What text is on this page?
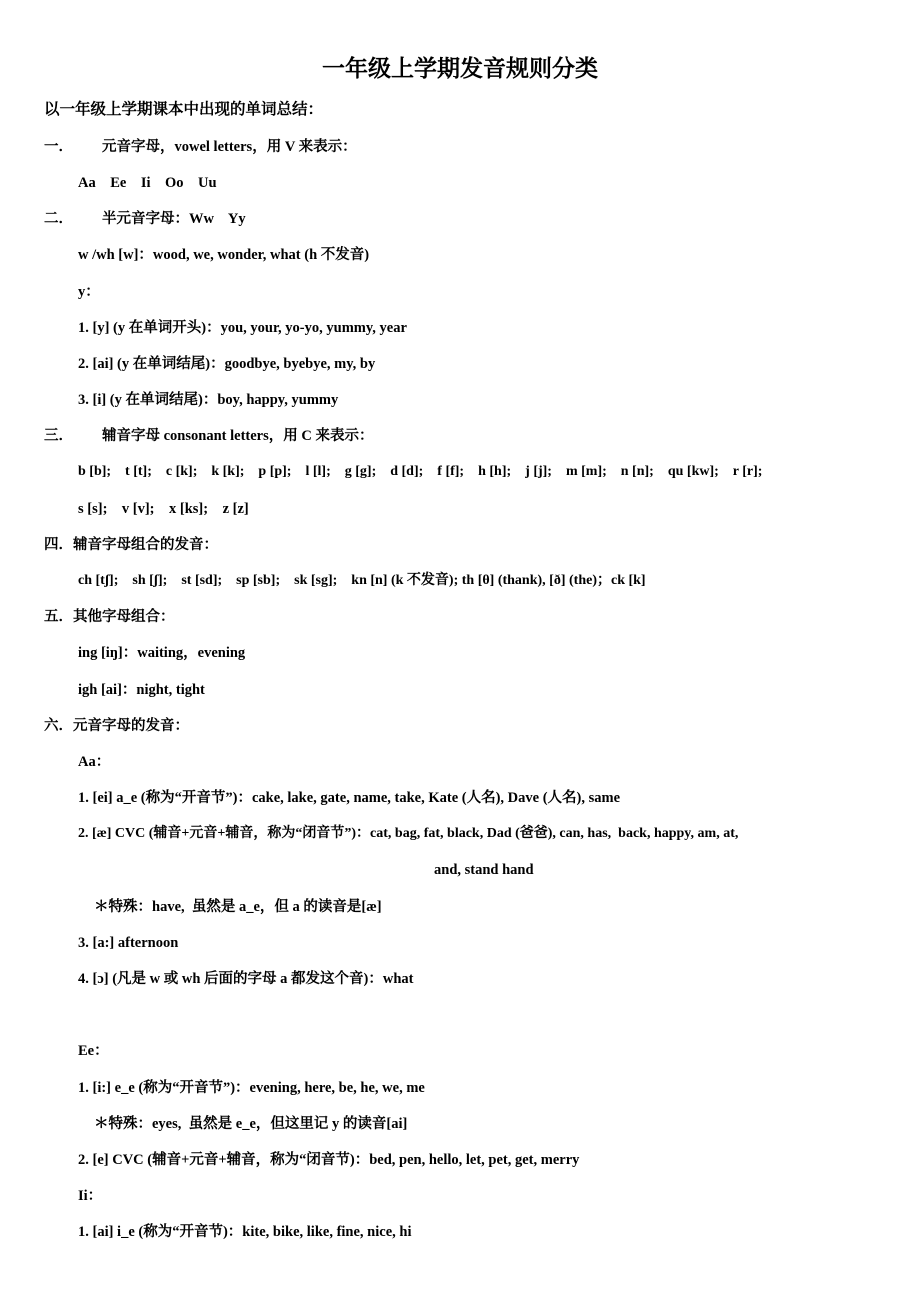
一年级上学期发音规则分类
以一年级上学期课本中出现的单词总结：
一．        元音字母，vowel letters，用 V 来表示：
Aa    Ee    Ii    Oo    Uu
二．        半元音字母：Ww    Yy
w /wh [w]：wood, we, wonder, what (h 不发音)
y：
1. [y] (y 在单词开头)：you, your, yo-yo, yummy, year
2. [ai] (y 在单词结尾)：goodbye, byebye, my, by
3. [i] (y 在单词结尾)：boy, happy, yummy
三．        辅音字母 consonant letters，用 C 来表示：
b [b];    t [t];    c [k];    k [k];    p [p];    l [l];    g [g];    d [d];    f [f];    h [h];    j [j];    m [m];    n [n];    qu [kw];    r [r];
s [s];    v [v];    x [ks];    z [z]
四．辅音字母组合的发音：
ch [tʃ];    sh [ʃ];    st [sd];    sp [sb];    sk [sg];    kn [n] (k 不发音); th [θ] (thank), [ð] (the)；ck [k]
五．其他字母组合：
ing [iŋ]：waiting，evening
igh [ai]：night, tight
六．元音字母的发音：
Aa：
1. [ei] a_e (称为“开音节”)：cake, lake, gate, name, take, Kate (人名), Dave (人名), same
2. [æ] CVC (辅音+元音+辅音，称为“闭音节”)：cat, bag, fat, black, Dad (爸爸), can, has,  back, happy, am, at,
and, stand hand
＊特殊：have,  虽然是 a_e，但 a 的读音是[æ]
3. [a:] afternoon
4. [ɔ] (凡是 w 或 wh 后面的字母 a 都发这个音)：what
Ee：
1. [i:] e_e (称为“开音节”)：evening, here, be, he, we, me
＊特殊：eyes,  虽然是 e_e，但这里记 y 的读音[ai]
2. [e] CVC (辅音+元音+辅音，称为“闭音节)：bed, pen, hello, let, pet, get, merry
Ii：
1. [ai] i_e (称为“开音节)：kite, bike, like, fine, nice, hi
